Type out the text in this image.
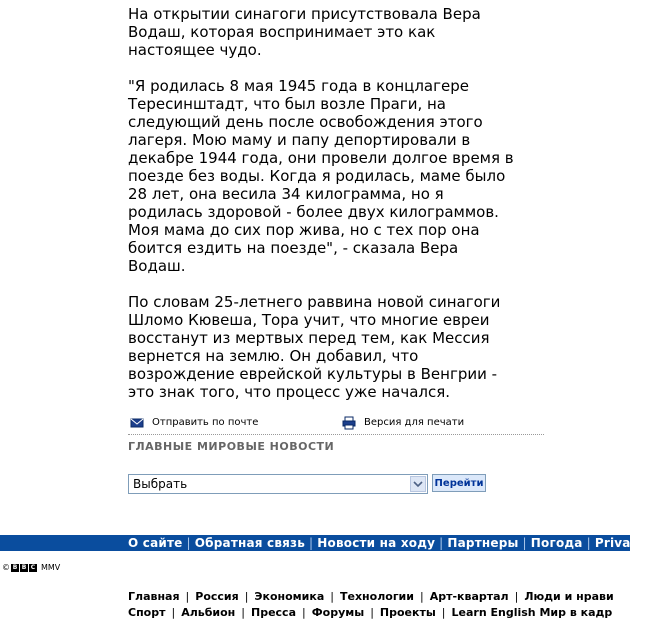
На открытии синагоги присутствовала Вера
Водаш, которая воспринимает это как
настоящее чудо.

"Я родилась 8 мая 1945 года в концлагере
Тересинштадт, что был возле Праги, на
следующий день после освобождения этого
лагеря. Мою маму и папу депортировали в
декабре 1944 года, они провели долгое время в
поезде без воды. Когда я родилась, маме было
28 лет, она весила 34 килограмма, но я
родилась здоровой - более двух килограммов.
Моя мама до сих пор жива, но с тех пор она
боится ездить на поезде", - сказала Вера
Водаш.

По словам 25-летнего раввина новой синагоги
Шломо Кювеша, Тора учит, что многие евреи
восстанут из мертвых перед тем, как Мессия
вернется на землю. Он добавил, что
возрождение еврейской культуры в Венгрии -
это знак того, что процесс уже начался.

Отправить по почте	Версия для печати
ГЛАВНЫЕ МИРОВЫЕ НОВОСТИ
Выбрать	Перейти
О сайте | Обратная связь | Новости на ходу | Партнеры | Погода | Privacy
© B B C MMV
Главная | Россия | Экономика | Технологии | Арт-квартал | Люди и нрави
Спорт | Альбион | Пресса | Форумы | Проекты | Learn English Мир в кадр
